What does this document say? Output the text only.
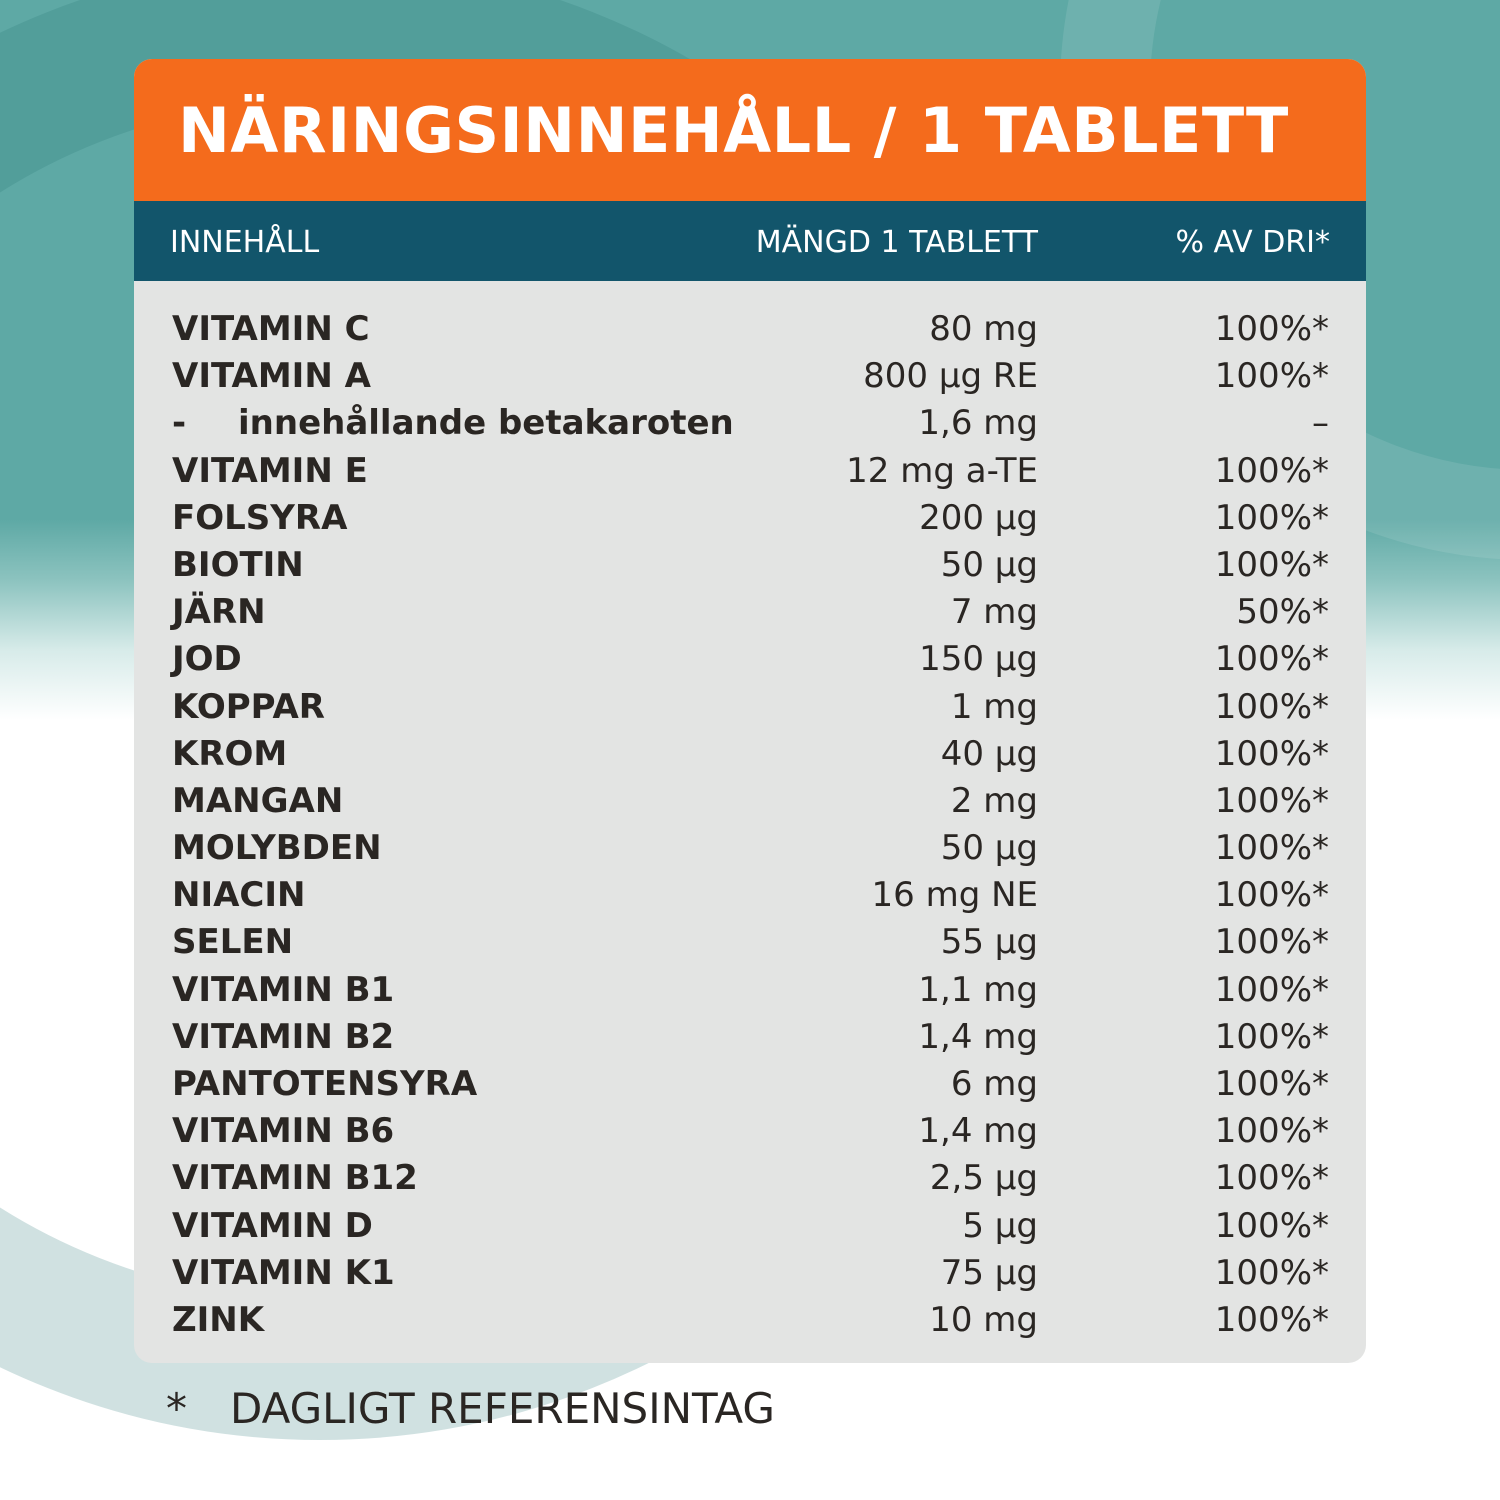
NÄRINGSINNEHÅLL / 1 TABLETT
INNEHÅLL	MÄNGD 1 TABLETT	% AV DRI*
VITAMIN C	80 mg	100%*
VITAMIN A	800 µg RE	100%*
- innehållande betakaroten	1,6 mg	–
VITAMIN E	12 mg a-TE	100%*
FOLSYRA	200 µg	100%*
BIOTIN	50 µg	100%*
JÄRN	7 mg	50%*
JOD	150 µg	100%*
KOPPAR	1 mg	100%*
KROM	40 µg	100%*
MANGAN	2 mg	100%*
MOLYBDEN	50 µg	100%*
NIACIN	16 mg NE	100%*
SELEN	55 µg	100%*
VITAMIN B1	1,1 mg	100%*
VITAMIN B2	1,4 mg	100%*
PANTOTENSYRA	6 mg	100%*
VITAMIN B6	1,4 mg	100%*
VITAMIN B12	2,5 µg	100%*
VITAMIN D	5 µg	100%*
VITAMIN K1	75 µg	100%*
ZINK	10 mg	100%*
* DAGLIGT REFERENSINTAG
